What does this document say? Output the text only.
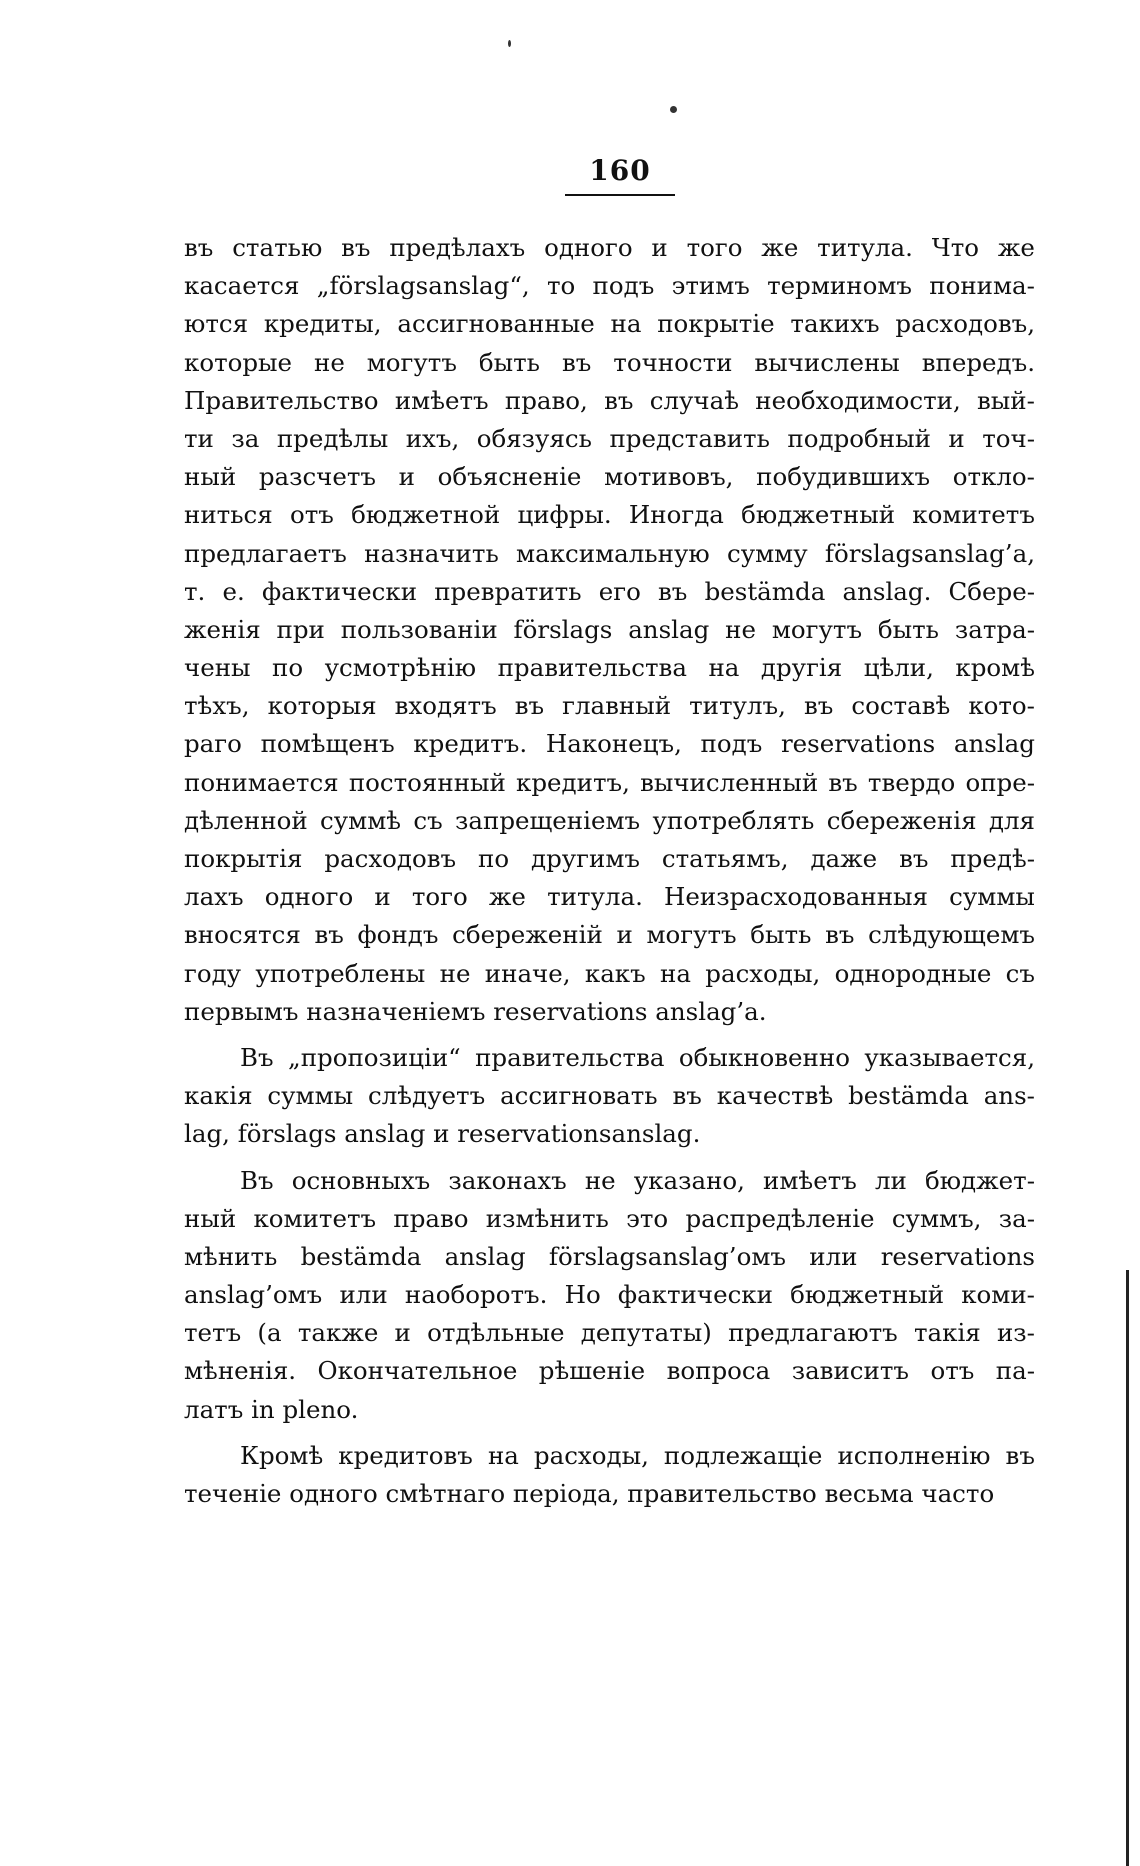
160
въ статью въ предѣлахъ одного и того же титула. Что же
касается „förslagsanslag“, то подъ этимъ терминомъ понима-
ются кредиты, ассигнованные на покрытіе такихъ расходовъ,
которые не могутъ быть въ точности вычислены впередъ.
Правительство имѣетъ право, въ случаѣ необходимости, вый-
ти за предѣлы ихъ, обязуясь представить подробный и точ-
ный разсчетъ и объясненіе мотивовъ, побудившихъ откло-
ниться отъ бюджетной цифры. Иногда бюджетный комитетъ
предлагаетъ назначить максимальную сумму förslagsanslag’а,
т. е. фактически превратить его въ bestämda anslag. Сбере-
женія при пользованіи förslags anslag не могутъ быть затра-
чены по усмотрѣнію правительства на другія цѣли, кромѣ
тѣхъ, которыя входятъ въ главный титулъ, въ составѣ кото-
раго помѣщенъ кредитъ. Наконецъ, подъ reservations anslag
понимается постоянный кредитъ, вычисленный въ твердо опре-
дѣленной суммѣ съ запрещеніемъ употреблять сбереженія для
покрытія расходовъ по другимъ статьямъ, даже въ предѣ-
лахъ одного и того же титула. Неизрасходованныя суммы
вносятся въ фондъ сбереженій и могутъ быть въ слѣдующемъ
году употреблены не иначе, какъ на расходы, однородные съ
первымъ назначеніемъ reservations anslag’а.
Въ „пропозиціи“ правительства обыкновенно указывается,
какія суммы слѣдуетъ ассигновать въ качествѣ bestämda ans-
lag, förslags anslag и reservationsanslag.
Въ основныхъ законахъ не указано, имѣетъ ли бюджет-
ный комитетъ право измѣнить это распредѣленіе суммъ, за-
мѣнить bestämda anslag förslagsanslag’омъ или reservations
anslag’омъ или наоборотъ. Но фактически бюджетный коми-
тетъ (а также и отдѣльные депутаты) предлагаютъ такія из-
мѣненія. Окончательное рѣшеніе вопроса зависитъ отъ па-
латъ in pleno.
Кромѣ кредитовъ на расходы, подлежащіе исполненію въ
теченіе одного смѣтнаго періода, правительство весьма часто
